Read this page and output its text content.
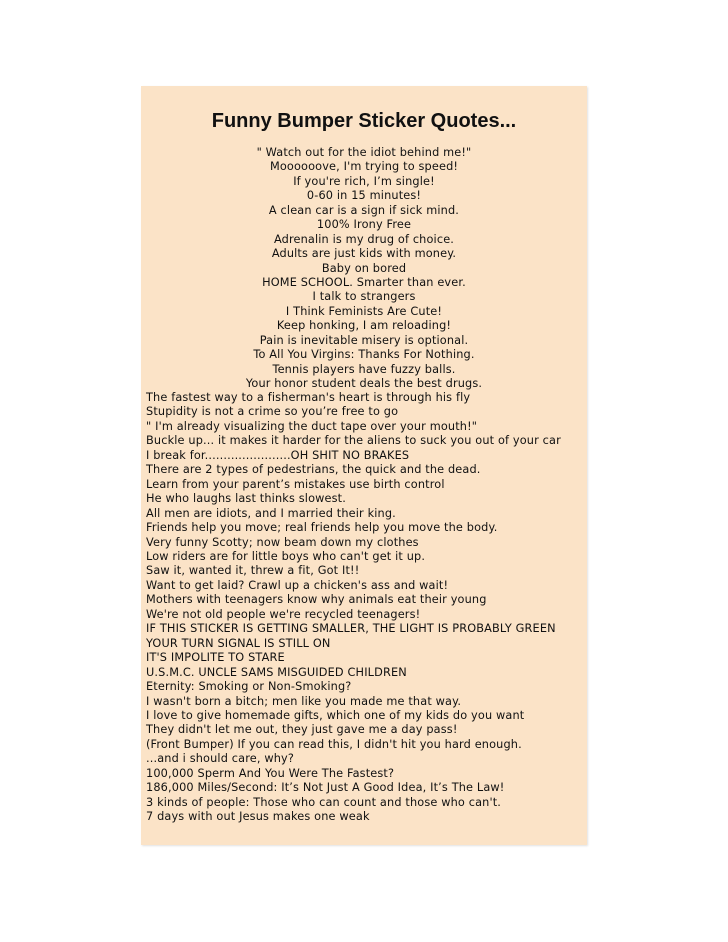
Funny Bumper Sticker Quotes...
" Watch out for the idiot behind me!"
Moooooove, I'm trying to speed!
If you're rich, I’m single!
0-60 in 15 minutes!
A clean car is a sign if sick mind.
100% Irony Free
Adrenalin is my drug of choice.
Adults are just kids with money.
Baby on bored
HOME SCHOOL. Smarter than ever.
I talk to strangers
I Think Feminists Are Cute!
Keep honking, I am reloading!
Pain is inevitable misery is optional.
To All You Virgins: Thanks For Nothing.
Tennis players have fuzzy balls.
Your honor student deals the best drugs.
The fastest way to a fisherman's heart is through his fly
Stupidity is not a crime so you’re free to go
" I'm already visualizing the duct tape over your mouth!"
Buckle up... it makes it harder for the aliens to suck you out of your car
I break for.......................OH SHIT NO BRAKES
There are 2 types of pedestrians, the quick and the dead.
Learn from your parent’s mistakes use birth control
He who laughs last thinks slowest.
All men are idiots, and I married their king.
Friends help you move; real friends help you move the body.
Very funny Scotty; now beam down my clothes
Low riders are for little boys who can't get it up.
Saw it, wanted it, threw a fit, Got It!!
Want to get laid? Crawl up a chicken's ass and wait!
Mothers with teenagers know why animals eat their young
We're not old people we're recycled teenagers!
IF THIS STICKER IS GETTING SMALLER, THE LIGHT IS PROBABLY GREEN
YOUR TURN SIGNAL IS STILL ON
IT'S IMPOLITE TO STARE
U.S.M.C. UNCLE SAMS MISGUIDED CHILDREN
Eternity: Smoking or Non-Smoking?
I wasn't born a bitch; men like you made me that way.
I love to give homemade gifts, which one of my kids do you want
They didn't let me out, they just gave me a day pass!
(Front Bumper) If you can read this, I didn't hit you hard enough.
...and i should care, why?
100,000 Sperm And You Were The Fastest?
186,000 Miles/Second: It’s Not Just A Good Idea, It’s The Law!
3 kinds of people: Those who can count and those who can't.
7 days with out Jesus makes one weak
